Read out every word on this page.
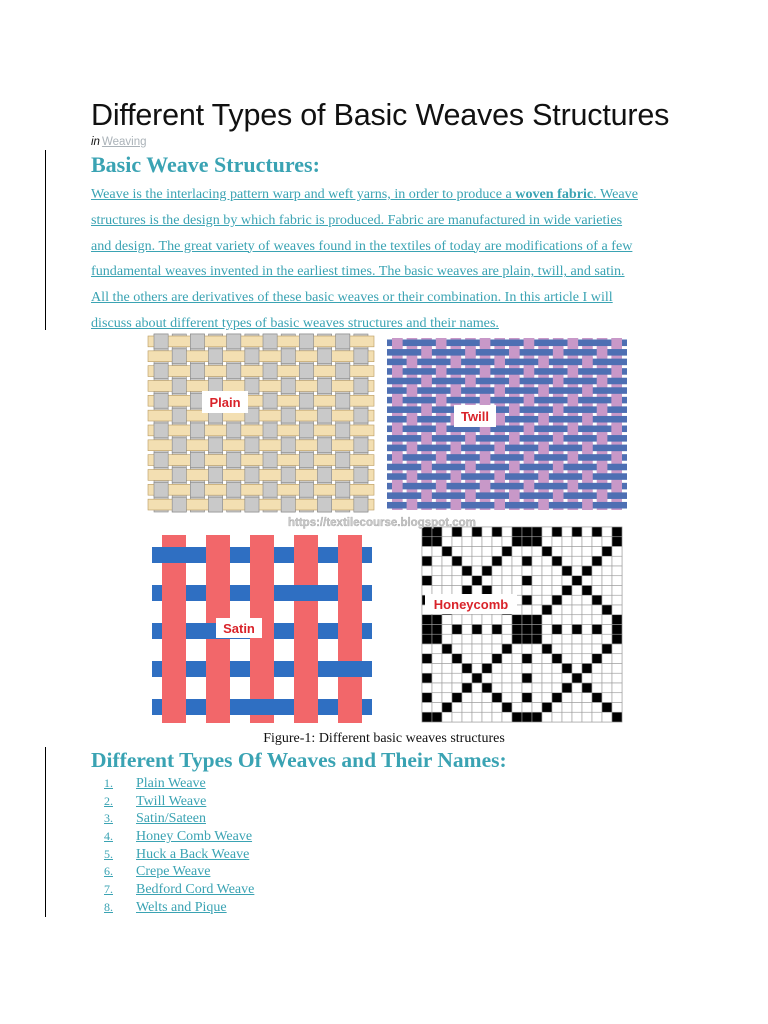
Different Types of Basic Weaves Structures
in Weaving
Basic Weave Structures:
Weave is the interlacing pattern warp and weft yarns, in order to produce a woven fabric. Weave
structures is the design by which fabric is produced. Fabric are manufactured in wide varieties
and design. The great variety of weaves found in the textiles of today are modifications of a few
fundamental weaves invented in the earliest times. The basic weaves are plain, twill, and satin.
All the others are derivatives of these basic weaves or their combination. In this article I will
discuss about different types of basic weaves structures and their names.
https://textilecourse.blogspot.com
Plain
Twill
Satin
Honeycomb
Figure-1: Different basic weaves structures
Different Types Of Weaves and Their Names:
1. Plain Weave
2. Twill Weave
3. Satin/Sateen
4. Honey Comb Weave
5. Huck a Back Weave
6. Crepe Weave
7. Bedford Cord Weave
8. Welts and Pique
